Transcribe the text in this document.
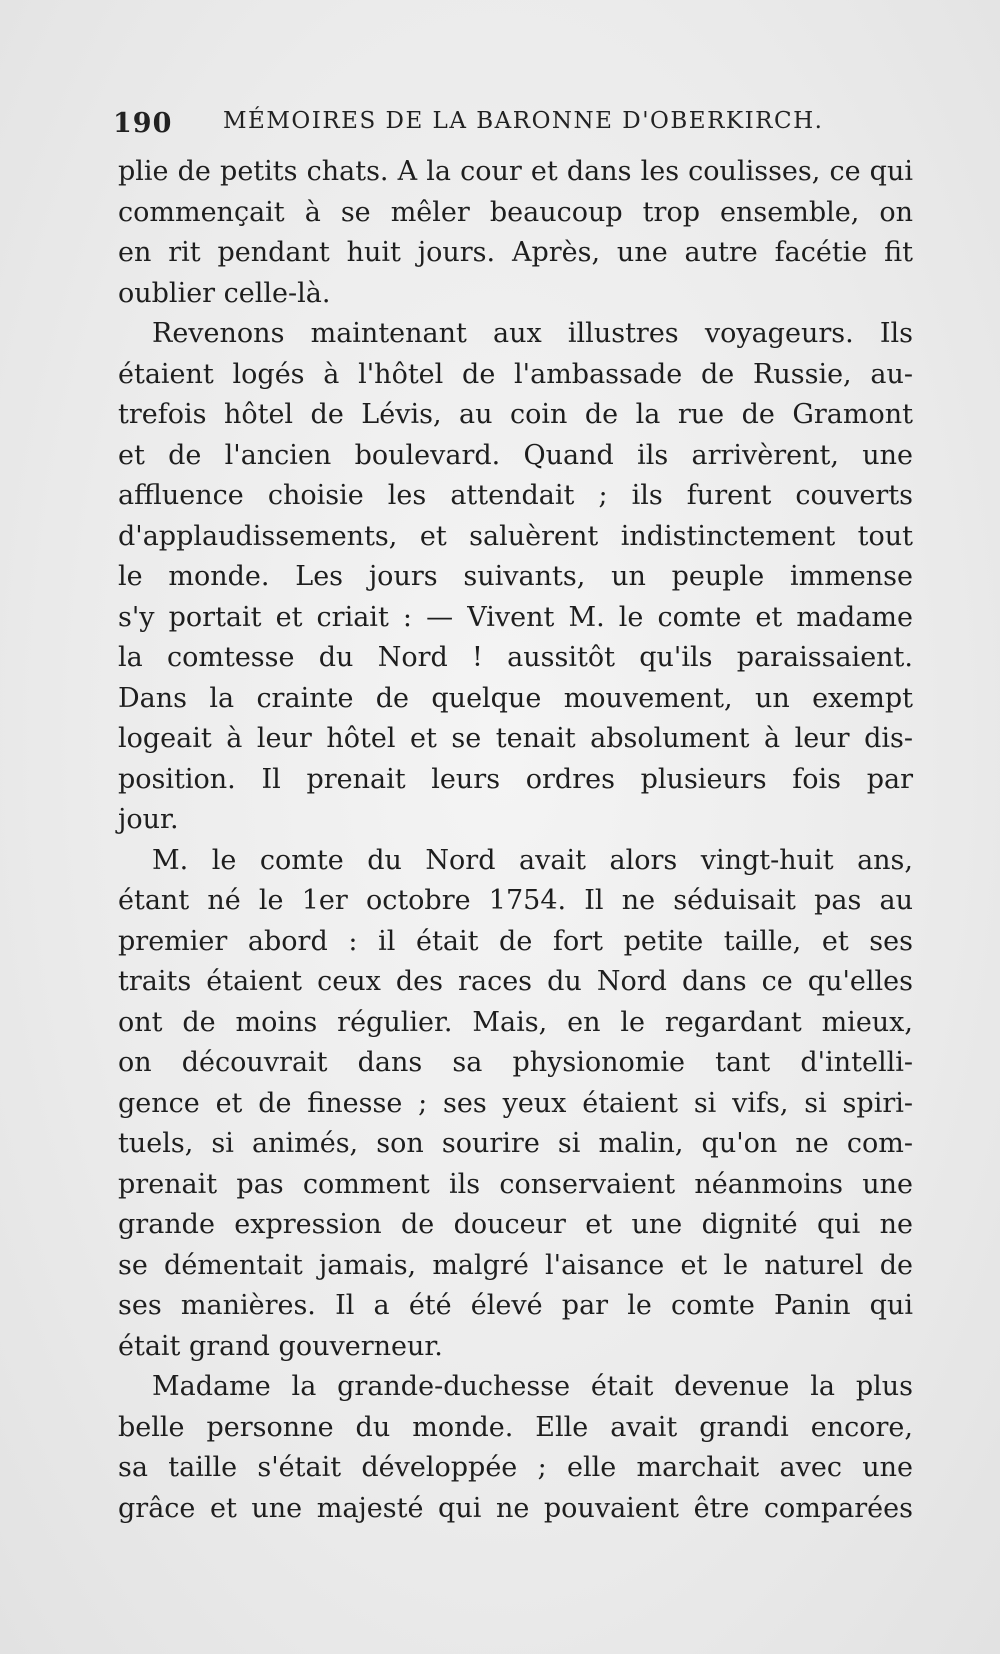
190 MÉMOIRES DE LA BARONNE D'OBERKIRCH.
plie de petits chats. A la cour et dans les coulisses, ce qui
commençait à se mêler beaucoup trop ensemble, on
en rit pendant huit jours. Après, une autre facétie fit
oublier celle-là.
Revenons maintenant aux illustres voyageurs. Ils
étaient logés à l'hôtel de l'ambassade de Russie, au-
trefois hôtel de Lévis, au coin de la rue de Gramont
et de l'ancien boulevard. Quand ils arrivèrent, une
affluence choisie les attendait ; ils furent couverts
d'applaudissements, et saluèrent indistinctement tout
le monde. Les jours suivants, un peuple immense
s'y portait et criait : — Vivent M. le comte et madame
la comtesse du Nord ! aussitôt qu'ils paraissaient.
Dans la crainte de quelque mouvement, un exempt
logeait à leur hôtel et se tenait absolument à leur dis-
position. Il prenait leurs ordres plusieurs fois par
jour.
M. le comte du Nord avait alors vingt-huit ans,
étant né le 1er octobre 1754. Il ne séduisait pas au
premier abord : il était de fort petite taille, et ses
traits étaient ceux des races du Nord dans ce qu'elles
ont de moins régulier. Mais, en le regardant mieux,
on découvrait dans sa physionomie tant d'intelli-
gence et de finesse ; ses yeux étaient si vifs, si spiri-
tuels, si animés, son sourire si malin, qu'on ne com-
prenait pas comment ils conservaient néanmoins une
grande expression de douceur et une dignité qui ne
se démentait jamais, malgré l'aisance et le naturel de
ses manières. Il a été élevé par le comte Panin qui
était grand gouverneur.
Madame la grande-duchesse était devenue la plus
belle personne du monde. Elle avait grandi encore,
sa taille s'était développée ; elle marchait avec une
grâce et une majesté qui ne pouvaient être comparées
